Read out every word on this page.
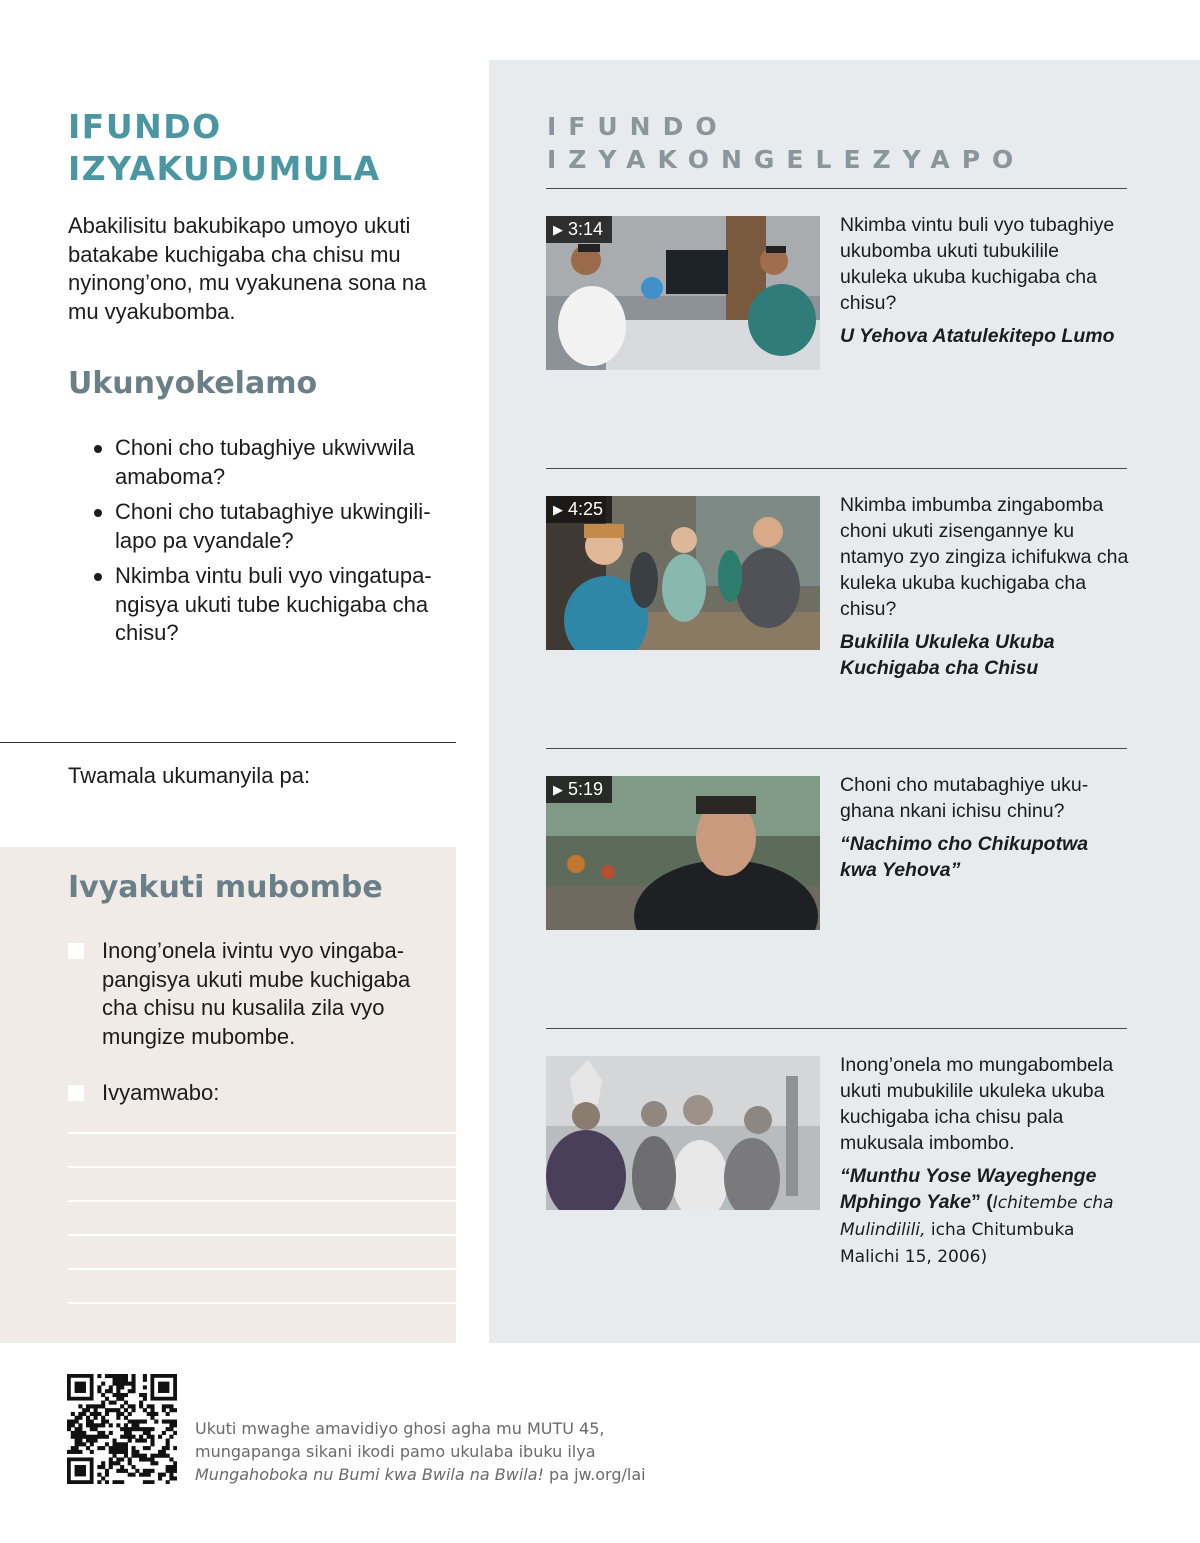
IFUNDO
IZYAKUDUMULA
Abakilisitu bakubikapo umoyo ukuti batakabe kuchigaba cha chisu mu nyinong’ono, mu vyakunena sona na mu vyakubomba.
Ukunyokelamo
Choni cho tubaghiye ukwivwila amaboma?
Choni cho tutabaghiye ukwingililapo pa vyandale?
Nkimba vintu buli vyo vingatupangisya ukuti tube kuchigaba cha chisu?
Twamala ukumanyila pa:
Ivyakuti mubombe
Inong’onela ivintu vyo vingabapangisya ukuti mube kuchigaba cha chisu nu kusalila zila vyo mungize mubombe.
Ivyamwabo:
IFUNDO
IZYAKONGELEZYAPO
▶ 3:14	Nkimba vintu buli vyo tubaghiye ukubomba ukuti tubukilile ukuleka ukuba kuchigaba cha chisu?
U Yehova Atatulekitepo Lumo
▶ 4:25	Nkimba imbumba zingabomba choni ukuti zisengannye ku ntamyo zyo zingiza ichifukwa cha kuleka ukuba kuchigaba cha chisu?
Bukilila Ukuleka Ukuba Kuchigaba cha Chisu
▶ 5:19	Choni cho mutabaghiye ukughana nkani ichisu chinu?
“Nachimo cho Chikupotwa kwa Yehova”
Inong’onela mo mungabombela ukuti mubukilile ukuleka ukuba kuchigaba icha chisu pala mukusala imbombo.
“Munthu Yose Wayeghenge Mphingo Yake” (Ichitembe cha Mulindilili, icha Chitumbuka Malichi 15, 2006)
Ukuti mwaghe amavidiyo ghosi agha mu MUTU 45,
mungapanga sikani ikodi pamo ukulaba ibuku ilya
Mungahoboka nu Bumi kwa Bwila na Bwila! pa jw.org/lai
